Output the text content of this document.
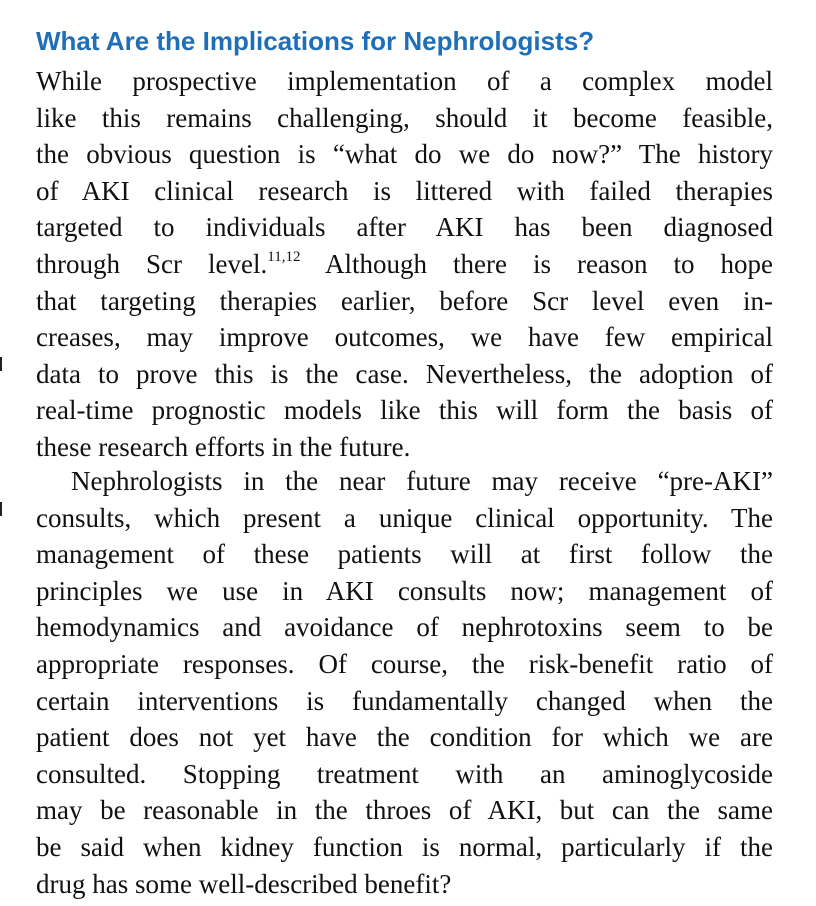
What Are the Implications for Nephrologists?
While prospective implementation of a complex model
like this remains challenging, should it become feasible,
the obvious question is “what do we do now?” The history
of AKI clinical research is littered with failed therapies
targeted to individuals after AKI has been diagnosed
through Scr level.$^{11,12}$ Although there is reason to hope
that targeting therapies earlier, before Scr level even in-
creases, may improve outcomes, we have few empirical
data to prove this is the case. Nevertheless, the adoption of
real-time prognostic models like this will form the basis of
these research efforts in the future.
Nephrologists in the near future may receive “pre-AKI”
consults, which present a unique clinical opportunity. The
management of these patients will at first follow the
principles we use in AKI consults now; management of
hemodynamics and avoidance of nephrotoxins seem to be
appropriate responses. Of course, the risk-benefit ratio of
certain interventions is fundamentally changed when the
patient does not yet have the condition for which we are
consulted. Stopping treatment with an aminoglycoside
may be reasonable in the throes of AKI, but can the same
be said when kidney function is normal, particularly if the
drug has some well-described benefit?
